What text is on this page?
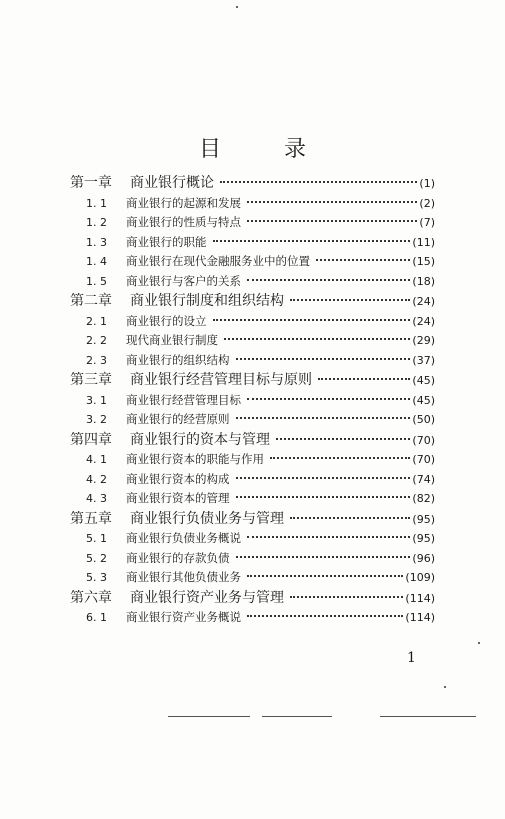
目 录
第一章	商业银行概论	(1)
1. 1	商业银行的起源和发展	(2)
1. 2	商业银行的性质与特点	(7)
1. 3	商业银行的职能	(11)
1. 4	商业银行在现代金融服务业中的位置	(15)
1. 5	商业银行与客户的关系	(18)
第二章	商业银行制度和组织结构	(24)
2. 1	商业银行的设立	(24)
2. 2	现代商业银行制度	(29)
2. 3	商业银行的组织结构	(37)
第三章	商业银行经营管理目标与原则	(45)
3. 1	商业银行经营管理目标	(45)
3. 2	商业银行的经营原则	(50)
第四章	商业银行的资本与管理	(70)
4. 1	商业银行资本的职能与作用	(70)
4. 2	商业银行资本的构成	(74)
4. 3	商业银行资本的管理	(82)
第五章	商业银行负债业务与管理	(95)
5. 1	商业银行负债业务概说	(95)
5. 2	商业银行的存款负债	(96)
5. 3	商业银行其他负债业务	(109)
第六章	商业银行资产业务与管理	(114)
6. 1	商业银行资产业务概说	(114)
1
